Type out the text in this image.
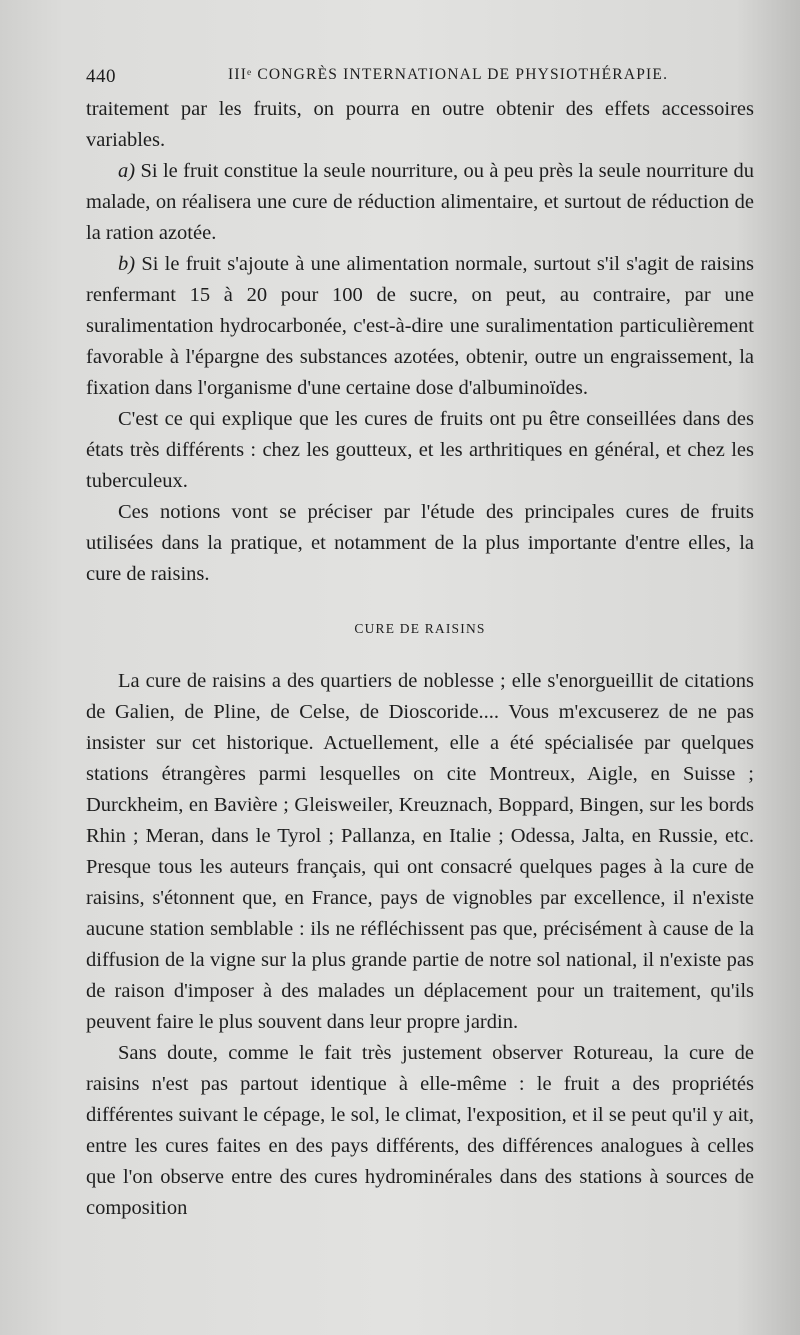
440	IIIᵉ CONGRÈS INTERNATIONAL DE PHYSIOTHÉRAPIE.

traitement par les fruits, on pourra en outre obtenir des effets accessoires variables.

a) Si le fruit constitue la seule nourriture, ou à peu près la seule nourriture du malade, on réalisera une cure de réduction alimentaire, et surtout de réduction de la ration azotée.

b) Si le fruit s'ajoute à une alimentation normale, surtout s'il s'agit de raisins renfermant 15 à 20 pour 100 de sucre, on peut, au contraire, par une suralimentation hydrocarbonée, c'est-à-dire une suralimentation particulièrement favorable à l'épargne des substances azotées, obtenir, outre un engraissement, la fixation dans l'organisme d'une certaine dose d'albuminoïdes.

C'est ce qui explique que les cures de fruits ont pu être conseillées dans des états très différents : chez les goutteux, et les arthritiques en général, et chez les tuberculeux.

Ces notions vont se préciser par l'étude des principales cures de fruits utilisées dans la pratique, et notamment de la plus importante d'entre elles, la cure de raisins.

CURE DE RAISINS

La cure de raisins a des quartiers de noblesse ; elle s'enorgueillit de citations de Galien, de Pline, de Celse, de Dioscoride.... Vous m'excuserez de ne pas insister sur cet historique. Actuellement, elle a été spécialisée par quelques stations étrangères parmi lesquelles on cite Montreux, Aigle, en Suisse ; Durckheim, en Bavière ; Gleisweiler, Kreuznach, Boppard, Bingen, sur les bords Rhin ; Meran, dans le Tyrol ; Pallanza, en Italie ; Odessa, Jalta, en Russie, etc. Presque tous les auteurs français, qui ont consacré quelques pages à la cure de raisins, s'étonnent que, en France, pays de vignobles par excellence, il n'existe aucune station semblable : ils ne réfléchissent pas que, précisément à cause de la diffusion de la vigne sur la plus grande partie de notre sol national, il n'existe pas de raison d'imposer à des malades un déplacement pour un traitement, qu'ils peuvent faire le plus souvent dans leur propre jardin.

Sans doute, comme le fait très justement observer Rotureau, la cure de raisins n'est pas partout identique à elle-même : le fruit a des propriétés différentes suivant le cépage, le sol, le climat, l'exposition, et il se peut qu'il y ait, entre les cures faites en des pays différents, des différences analogues à celles que l'on observe entre des cures hydrominérales dans des stations à sources de composition
